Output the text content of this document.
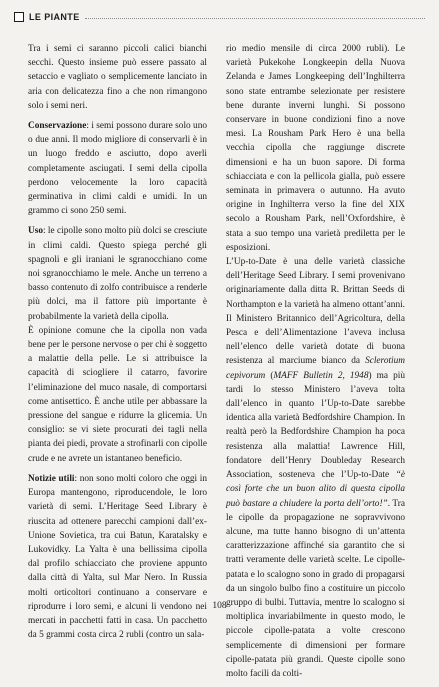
LE PIANTE

Tra i semi ci saranno piccoli calici bianchi secchi. Questo insieme può essere passato al setaccio e vagliato o semplicemente lanciato in aria con delicatezza fino a che non rimangono solo i semi neri.

Conservazione: i semi possono durare solo uno o due anni. Il modo migliore di conservarli è in un luogo freddo e asciutto, dopo averli completamente asciugati. I semi della cipolla perdono velocemente la loro capacità germinativa in climi caldi e umidi. In un grammo ci sono 250 semi.

Uso: le cipolle sono molto più dolci se cresciute in climi caldi. Questo spiega perché gli spagnoli e gli iraniani le sgranocchiano come noi sgranocchiamo le mele. Anche un terreno a basso contenuto di zolfo contribuisce a renderle più dolci, ma il fattore più importante è probabilmente la varietà della cipolla.

È opinione comune che la cipolla non vada bene per le persone nervose o per chi è soggetto a malattie della pelle. Le si attribuisce la capacità di sciogliere il catarro, favorire l’eliminazione del muco nasale, di comportarsi come antisettico. È anche utile per abbassare la pressione del sangue e ridurre la glicemia. Un consiglio: se vi siete procurati dei tagli nella pianta dei piedi, provate a strofinarli con cipolle crude e ne avrete un istantaneo beneficio.

Notizie utili: non sono molti coloro che oggi in Europa mantengono, riproducendole, le loro varietà di semi. L’Heritage Seed Library è riuscita ad ottenere parecchi campioni dall’ex-Unione Sovietica, tra cui Batun, Karatalsky e Lukovidky. La Yalta è una bellissima cipolla dal profilo schiacciato che proviene appunto dalla città di Yalta, sul Mar Nero. In Russia molti orticoltori continuano a conservare e riprodurre i loro semi, e alcuni li vendono nei mercati in pacchetti fatti in casa. Un pacchetto da 5 grammi costa circa 2 rubli (contro un sala-

rio medio mensile di circa 2000 rubli). Le varietà Pukekohe Longkeepin della Nuova Zelanda e James Longkeeping dell’Inghilterra sono state entrambe selezionate per resistere bene durante inverni lunghi. Si possono conservare in buone condizioni fino a nove mesi. La Rousham Park Hero è una bella vecchia cipolla che raggiunge discrete dimensioni e ha un buon sapore. Di forma schiacciata e con la pellicola gialla, può essere seminata in primavera o autunno. Ha avuto origine in Inghilterra verso la fine del XIX secolo a Rousham Park, nell’Oxfordshire, è stata a suo tempo una varietà prediletta per le esposizioni.

L’Up-to-Date è una delle varietà classiche dell’Heritage Seed Library. I semi provenivano originariamente dalla ditta R. Brittan Seeds di Northampton e la varietà ha almeno ottant’anni. Il Ministero Britannico dell’Agricoltura, della Pesca e dell’Alimentazione l’aveva inclusa nell’elenco delle varietà dotate di buona resistenza al marciume bianco da Sclerotium cepivorum (MAFF Bulletin 2, 1948) ma più tardi lo stesso Ministero l’aveva tolta dall’elenco in quanto l’Up-to-Date sarebbe identica alla varietà Bedfordshire Champion. In realtà però la Bedfordshire Champion ha poca resistenza alla malattia! Lawrence Hill, fondatore dell’Henry Doubleday Research Association, sosteneva che l’Up-to-Date “è così forte che un buon alito di questa cipolla può bastare a chiudere la porta dell’orto!”. Tra le cipolle da propagazione ne sopravvivono alcune, ma tutte hanno bisogno di un’attenta caratterizzazione affinché sia garantito che si tratti veramente delle varietà scelte. Le cipolle-patata e lo scalogno sono in grado di propagarsi da un singolo bulbo fino a costituire un piccolo gruppo di bulbi. Tuttavia, mentre lo scalogno si moltiplica invariabilmente in questo modo, le piccole cipolle-patata a volte crescono semplicemente di dimensioni per formare cipolle-patata più grandi. Queste cipolle sono molto facili da colti-

108
